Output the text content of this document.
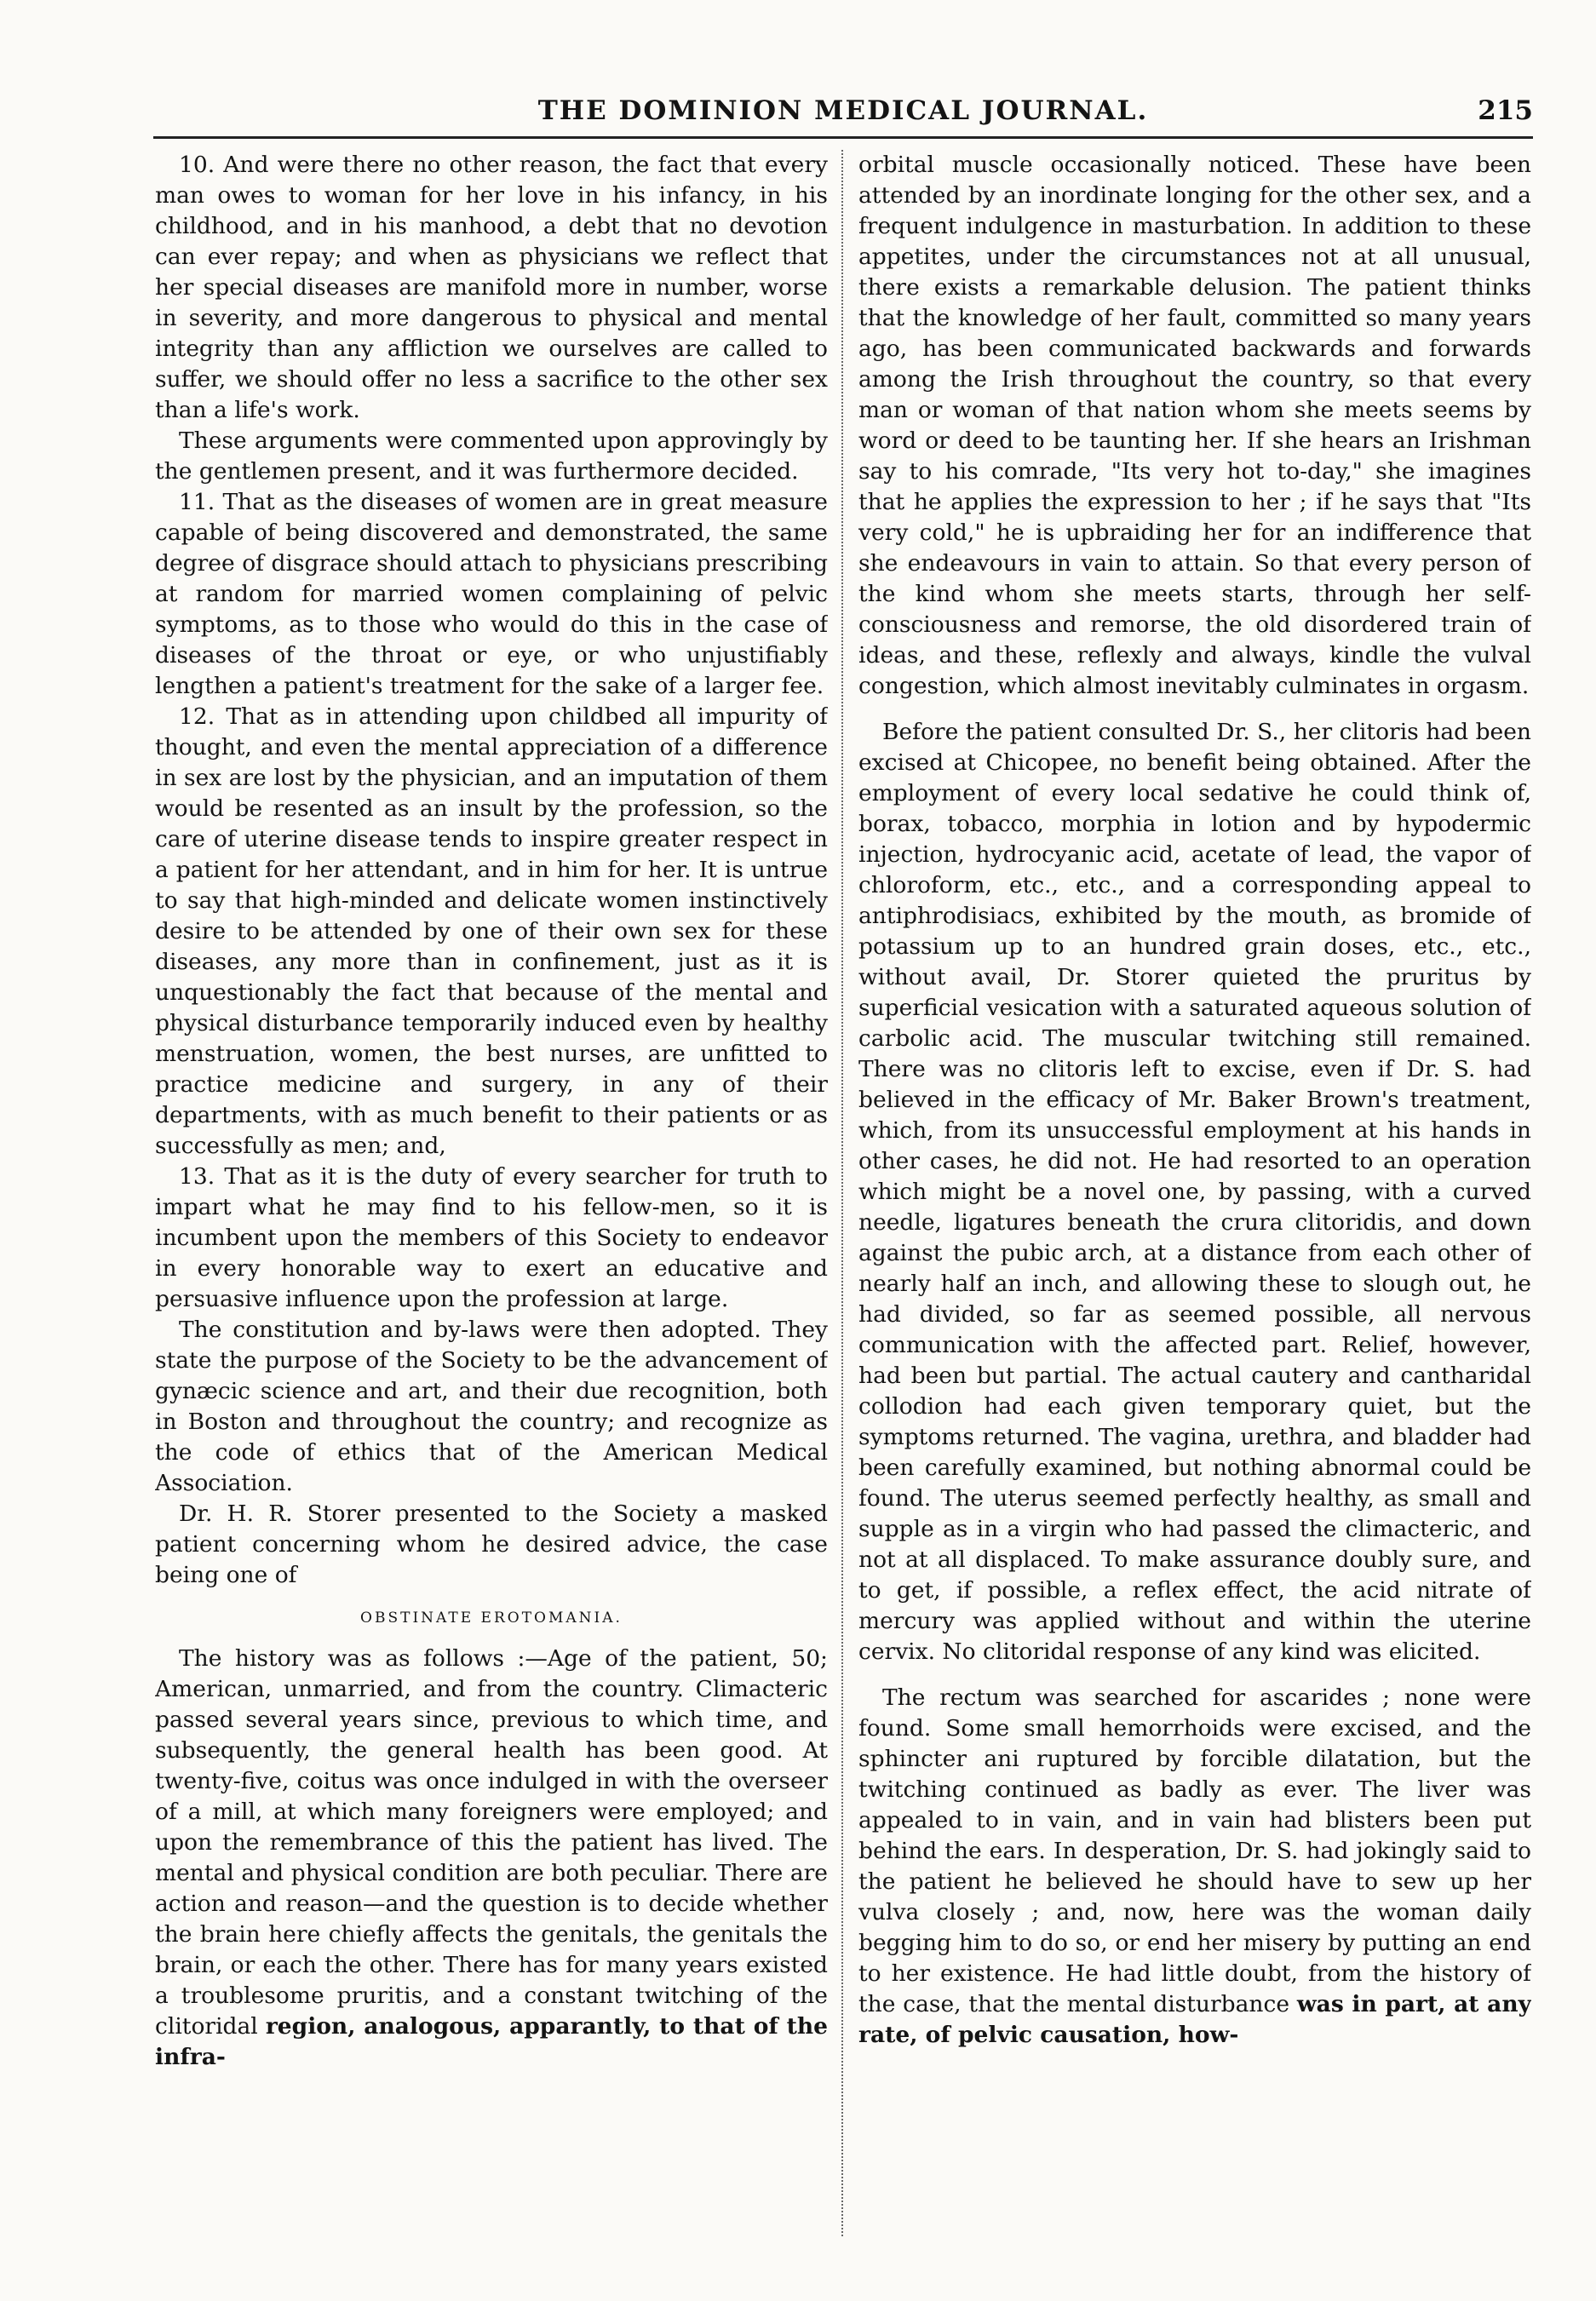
THE DOMINION MEDICAL JOURNAL.	215

10. And were there no other reason, the fact that every man owes to woman for her love in his infancy, in his childhood, and in his manhood, a debt that no devotion can ever repay; and when as physicians we reflect that her special diseases are manifold more in number, worse in severity, and more dangerous to physical and mental integrity than any affliction we ourselves are called to suffer, we should offer no less a sacrifice to the other sex than a life's work.

These arguments were commented upon approvingly by the gentlemen present, and it was furthermore decided.

11. That as the diseases of women are in great measure capable of being discovered and demonstrated, the same degree of disgrace should attach to physicians prescribing at random for married women complaining of pelvic symptoms, as to those who would do this in the case of diseases of the throat or eye, or who unjustifiably lengthen a patient's treatment for the sake of a larger fee.

12. That as in attending upon childbed all impurity of thought, and even the mental appreciation of a difference in sex are lost by the physician, and an imputation of them would be resented as an insult by the profession, so the care of uterine disease tends to inspire greater respect in a patient for her attendant, and in him for her. It is untrue to say that high-minded and delicate women instinctively desire to be attended by one of their own sex for these diseases, any more than in confinement, just as it is unquestionably the fact that because of the mental and physical disturbance temporarily induced even by healthy menstruation, women, the best nurses, are unfitted to practice medicine and surgery, in any of their departments, with as much benefit to their patients or as successfully as men; and,

13. That as it is the duty of every searcher for truth to impart what he may find to his fellow-men, so it is incumbent upon the members of this Society to endeavor in every honorable way to exert an educative and persuasive influence upon the profession at large.

The constitution and by-laws were then adopted. They state the purpose of the Society to be the advancement of gynæcic science and art, and their due recognition, both in Boston and throughout the country; and recognize as the code of ethics that of the American Medical Association.

Dr. H. R. Storer presented to the Society a masked patient concerning whom he desired advice, the case being one of

OBSTINATE EROTOMANIA.

The history was as follows :—Age of the patient, 50; American, unmarried, and from the country. Climacteric passed several years since, previous to which time, and subsequently, the general health has been good. At twenty-five, coitus was once indulged in with the overseer of a mill, at which many foreigners were employed; and upon the remembrance of this the patient has lived. The mental and physical condition are both peculiar. There are action and reason—and the question is to decide whether the brain here chiefly affects the genitals, the genitals the brain, or each the other. There has for many years existed a troublesome pruritis, and a constant twitching of the clitoridal region, analogous, apparantly, to that of the infra-

orbital muscle occasionally noticed. These have been attended by an inordinate longing for the other sex, and a frequent indulgence in masturbation. In addition to these appetites, under the circumstances not at all unusual, there exists a remarkable delusion. The patient thinks that the knowledge of her fault, committed so many years ago, has been communicated backwards and forwards among the Irish throughout the country, so that every man or woman of that nation whom she meets seems by word or deed to be taunting her. If she hears an Irishman say to his comrade, "Its very hot to-day," she imagines that he applies the expression to her ; if he says that "Its very cold," he is upbraiding her for an indifference that she endeavours in vain to attain. So that every person of the kind whom she meets starts, through her self-consciousness and remorse, the old disordered train of ideas, and these, reflexly and always, kindle the vulval congestion, which almost inevitably culminates in orgasm.

Before the patient consulted Dr. S., her clitoris had been excised at Chicopee, no benefit being obtained. After the employment of every local sedative he could think of, borax, tobacco, morphia in lotion and by hypodermic injection, hydrocyanic acid, acetate of lead, the vapor of chloroform, etc., etc., and a corresponding appeal to antiphrodisiacs, exhibited by the mouth, as bromide of potassium up to an hundred grain doses, etc., etc., without avail, Dr. Storer quieted the pruritus by superficial vesication with a saturated aqueous solution of carbolic acid. The muscular twitching still remained. There was no clitoris left to excise, even if Dr. S. had believed in the efficacy of Mr. Baker Brown's treatment, which, from its unsuccessful employment at his hands in other cases, he did not. He had resorted to an operation which might be a novel one, by passing, with a curved needle, ligatures beneath the crura clitoridis, and down against the pubic arch, at a distance from each other of nearly half an inch, and allowing these to slough out, he had divided, so far as seemed possible, all nervous communication with the affected part. Relief, however, had been but partial. The actual cautery and cantharidal collodion had each given temporary quiet, but the symptoms returned. The vagina, urethra, and bladder had been carefully examined, but nothing abnormal could be found. The uterus seemed perfectly healthy, as small and supple as in a virgin who had passed the climacteric, and not at all displaced. To make assurance doubly sure, and to get, if possible, a reflex effect, the acid nitrate of mercury was applied without and within the uterine cervix. No clitoridal response of any kind was elicited.

The rectum was searched for ascarides ; none were found. Some small hemorrhoids were excised, and the sphincter ani ruptured by forcible dilatation, but the twitching continued as badly as ever. The liver was appealed to in vain, and in vain had blisters been put behind the ears. In desperation, Dr. S. had jokingly said to the patient he believed he should have to sew up her vulva closely ; and, now, here was the woman daily begging him to do so, or end her misery by putting an end to her existence. He had little doubt, from the history of the case, that the mental disturbance was in part, at any rate, of pelvic causation, how-
